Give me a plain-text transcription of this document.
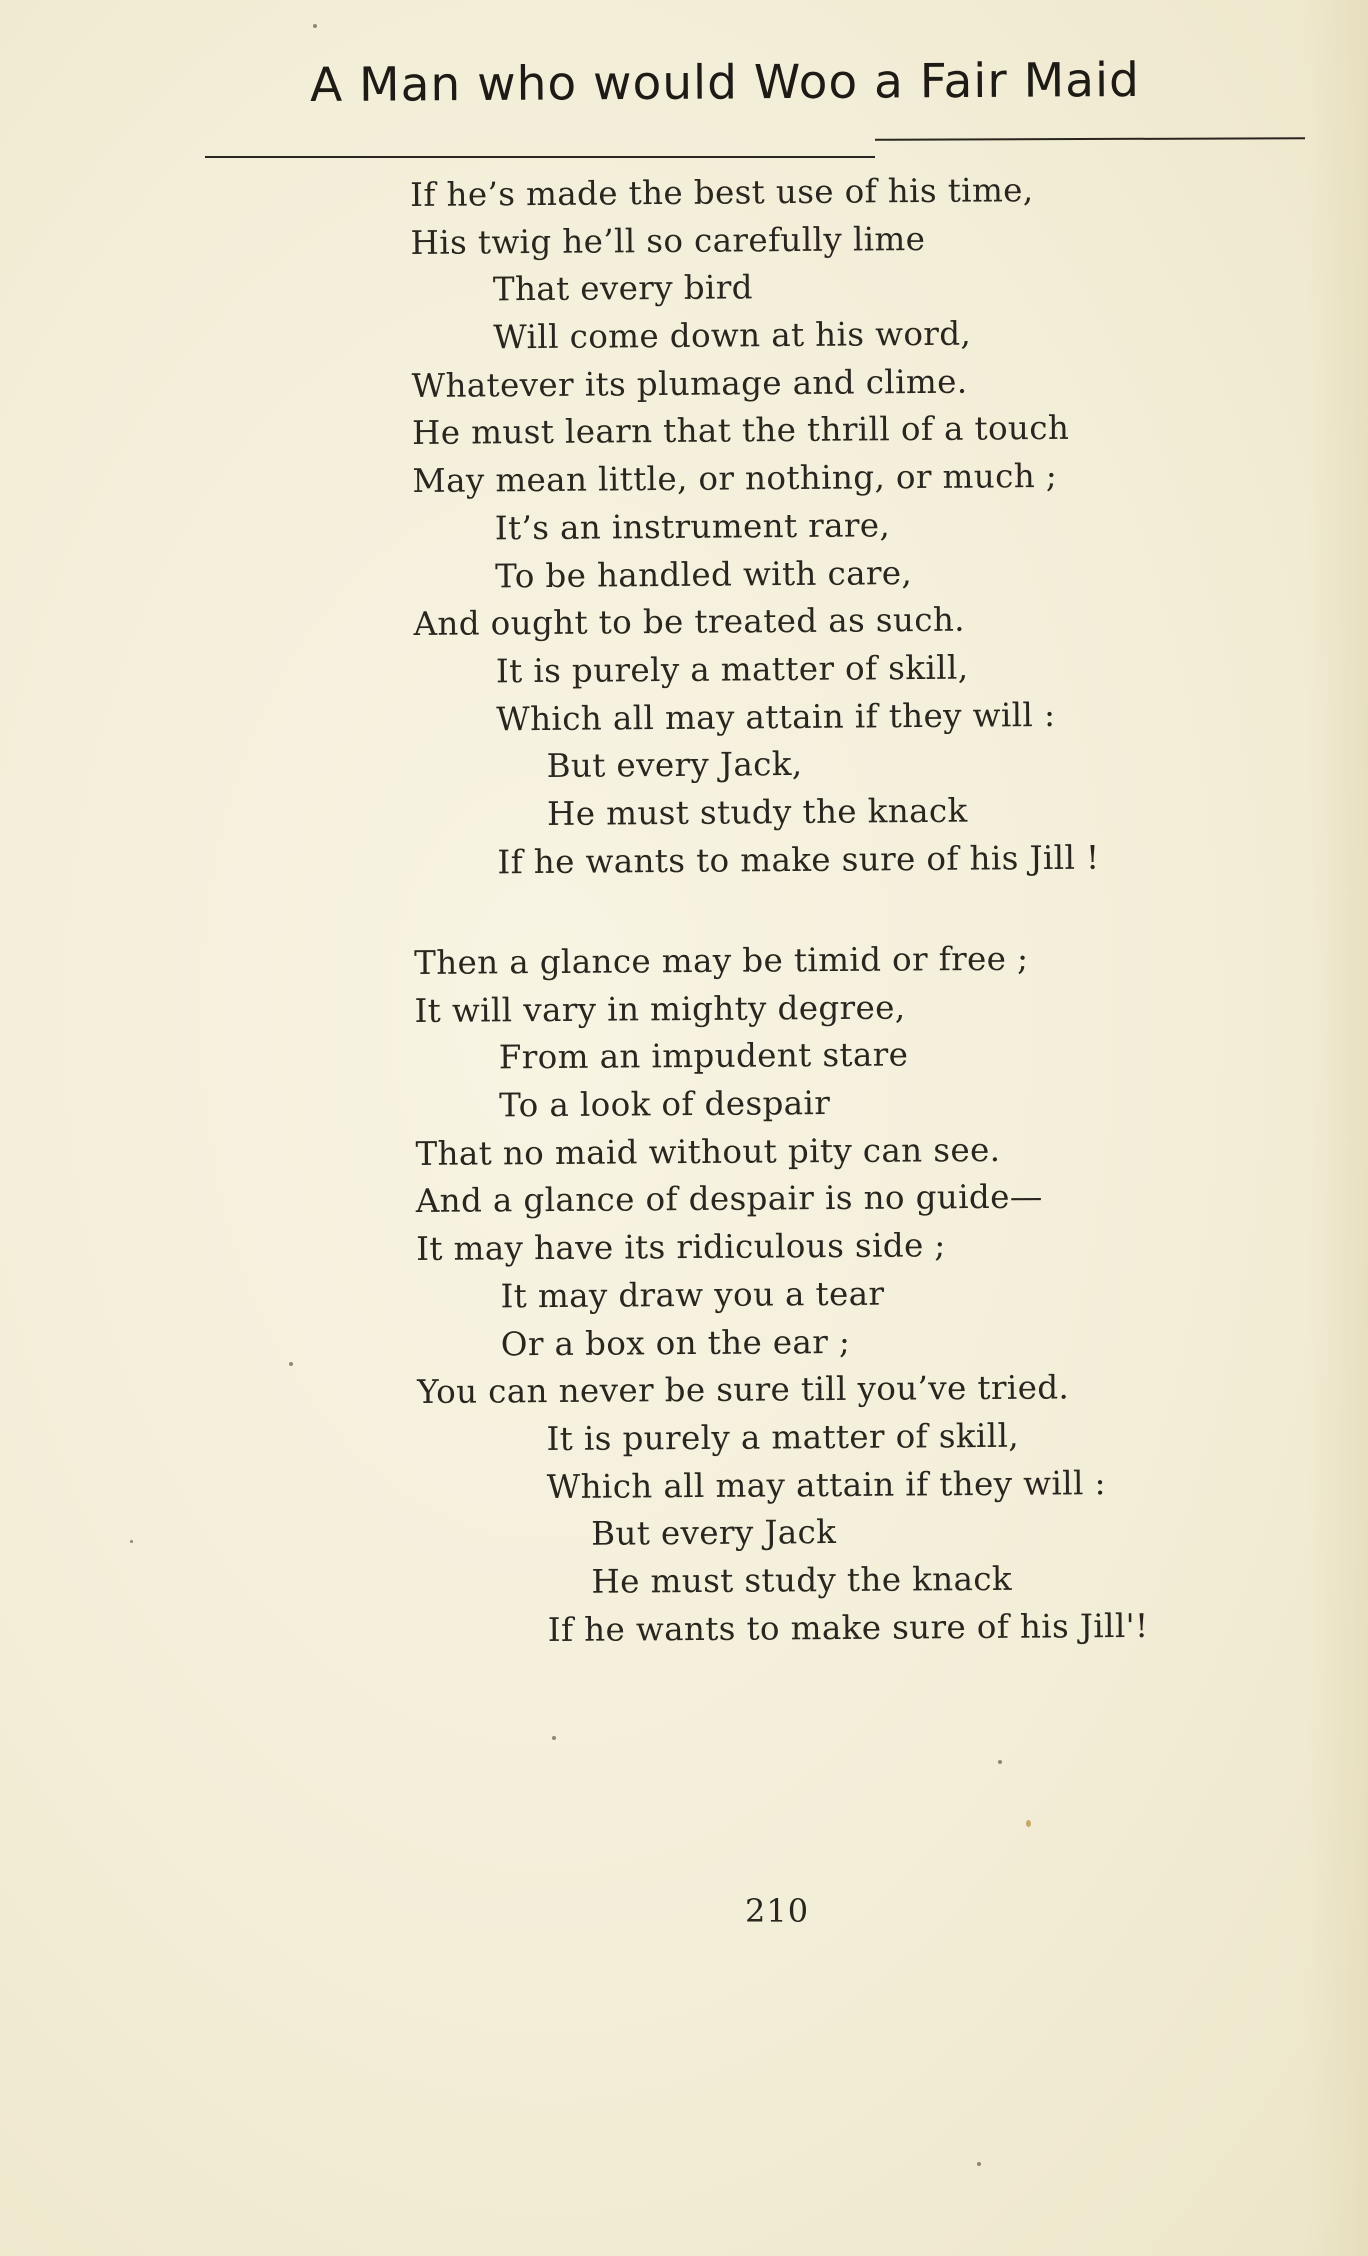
A Man who would Woo a Fair Maid
If he’s made the best use of his time,
His twig he’ll so carefully lime
That every bird
Will come down at his word,
Whatever its plumage and clime.
He must learn that the thrill of a touch
May mean little, or nothing, or much ;
It’s an instrument rare,
To be handled with care,
And ought to be treated as such.
It is purely a matter of skill,
Which all may attain if they will :
But every Jack,
He must study the knack
If he wants to make sure of his Jill !
Then a glance may be timid or free ;
It will vary in mighty degree,
From an impudent stare
To a look of despair
That no maid without pity can see.
And a glance of despair is no guide—
It may have its ridiculous side ;
It may draw you a tear
Or a box on the ear ;
You can never be sure till you’ve tried.
It is purely a matter of skill,
Which all may attain if they will :
But every Jack
He must study the knack
If he wants to make sure of his Jill'!
210
